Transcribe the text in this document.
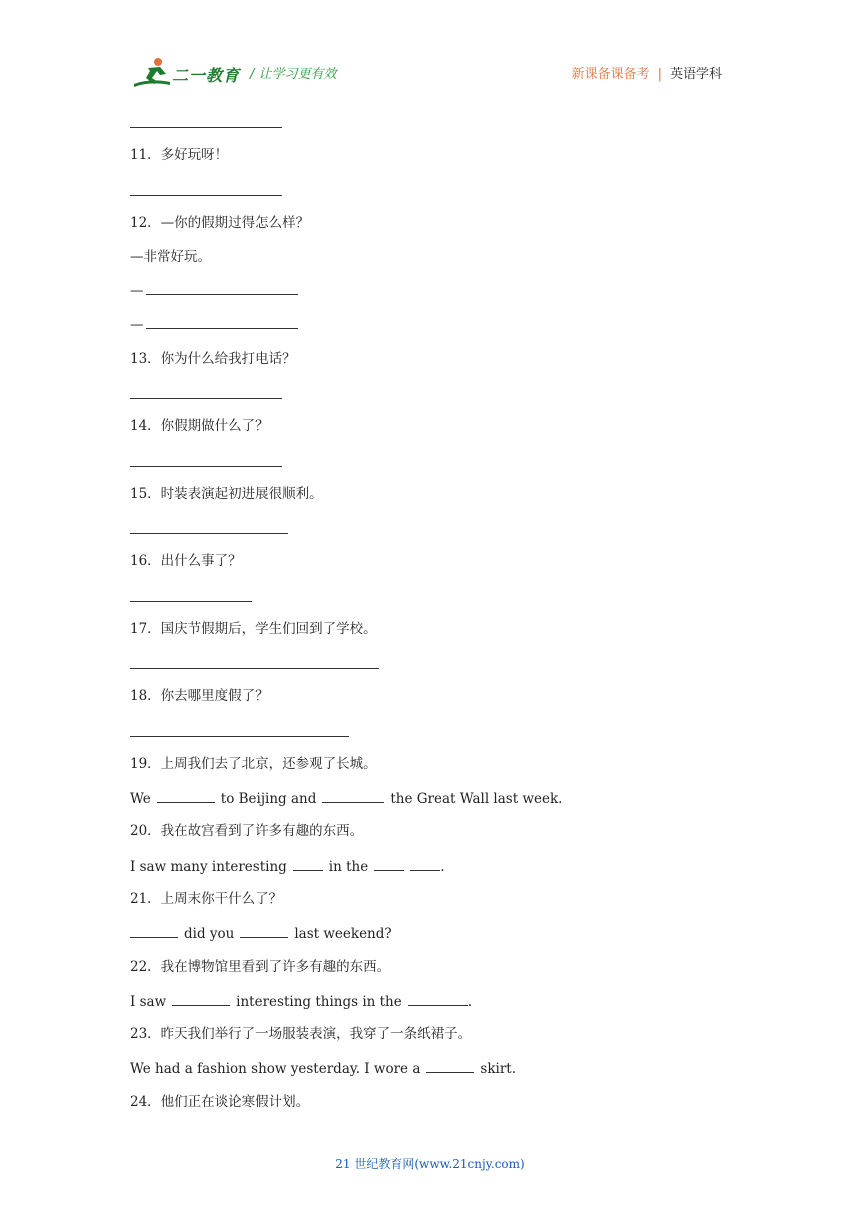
二一教育 / 让学习更有效	新课备课备考 | 英语学科
11．多好玩呀！
12．—你的假期过得怎么样？
—非常好玩。
—
—
13．你为什么给我打电话？
14．你假期做什么了？
15．时装表演起初进展很顺利。
16．出什么事了？
17．国庆节假期后，学生们回到了学校。
18．你去哪里度假了？
19．上周我们去了北京，还参观了长城。
We	to Beijing and	the Great Wall last week.
20．我在故宫看到了许多有趣的东西。
I saw many interesting	in the	.
21．上周末你干什么了？
did you	last weekend?
22．我在博物馆里看到了许多有趣的东西。
I saw	interesting things in the	.
23．昨天我们举行了一场服装表演，我穿了一条纸裙子。
We had a fashion show yesterday. I wore a	skirt.
24．他们正在谈论寒假计划。
21 世纪教育网(www.21cnjy.com)
